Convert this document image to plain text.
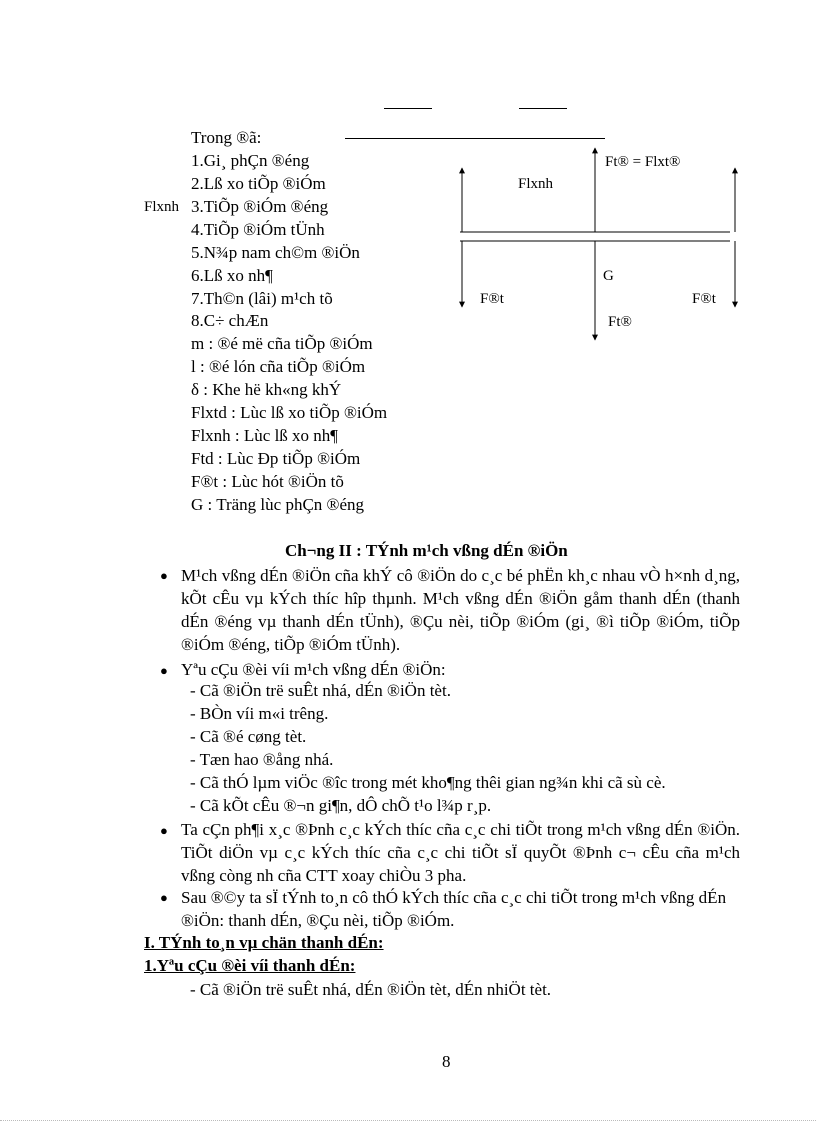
Trong ®ã:
1.Gi¸ phÇn ®éng
2.Lß xo tiÕp ®iÓm
3.TiÕp ®iÓm ®éng
4.TiÕp ®iÓm tÜnh
5.N¾p nam ch©m ®iÖn
6.Lß xo nh¶
7.Th©n (lâi) m¹ch tõ
8.C÷ chÆn
m : ®é më cña tiÕp ®iÓm
l : ®é lón cña tiÕp ®iÓm
δ : Khe hë kh«ng khÝ
Flxtd : Lùc lß xo tiÕp ®iÓm
Flxnh : Lùc lß xo nh¶
Ftd : Lùc Ðp tiÕp ®iÓm
F®t : Lùc hót ®iÖn tõ
G : Träng lùc phÇn ®éng
Flxnh
Ft® = Flxt®
Flxnh
G
F®t	F®t
Ft®
Ch¬ng II : TÝnh m¹ch vßng dÉn ®iÖn
● M¹ch vßng dÉn ®iÖn cña khÝ cô ®iÖn do c¸c bé phËn kh¸c nhau vÒ h×nh d¸ng, kÕt cÊu vµ kÝch thíc hîp thµnh. M¹ch vßng dÉn ®iÖn gåm thanh dÉn (thanh dÉn ®éng vµ thanh dÉn tÜnh), ®Çu nèi, tiÕp ®iÓm (gi¸ ®ì tiÕp ®iÓm, tiÕp ®iÓm ®éng, tiÕp ®iÓm tÜnh).
● Yªu cÇu ®èi víi m¹ch vßng dÉn ®iÖn:
- Cã ®iÖn trë suÊt nhá, dÉn ®iÖn tèt.
- BÒn víi m«i trêng.
- Cã ®é cøng tèt.
- Tæn hao ®ång nhá.
- Cã thÓ lµm viÖc ®îc trong mét kho¶ng thêi gian ng¾n khi cã sù cè.
- Cã kÕt cÊu ®¬n gi¶n, dÔ chÕ t¹o l¾p r¸p.
● Ta cÇn ph¶i x¸c ®Þnh c¸c kÝch thíc cña c¸c chi tiÕt trong m¹ch vßng dÉn ®iÖn. TiÕt diÖn vµ c¸c kÝch thíc cña c¸c chi tiÕt sÏ quyÕt ®Þnh c¬ cÊu cña m¹ch vßng còng nh cña CTT xoay chiÒu 3 pha.
● Sau ®©y ta sÏ tÝnh to¸n cô thÓ kÝch thíc cña c¸c chi tiÕt trong m¹ch vßng dÉn ®iÖn: thanh dÉn, ®Çu nèi, tiÕp ®iÓm.
I. TÝnh to¸n vµ chän thanh dÉn:
1.Yªu cÇu ®èi víi thanh dÉn:
- Cã ®iÖn trë suÊt nhá, dÉn ®iÖn tèt, dÉn nhiÖt tèt.
8
